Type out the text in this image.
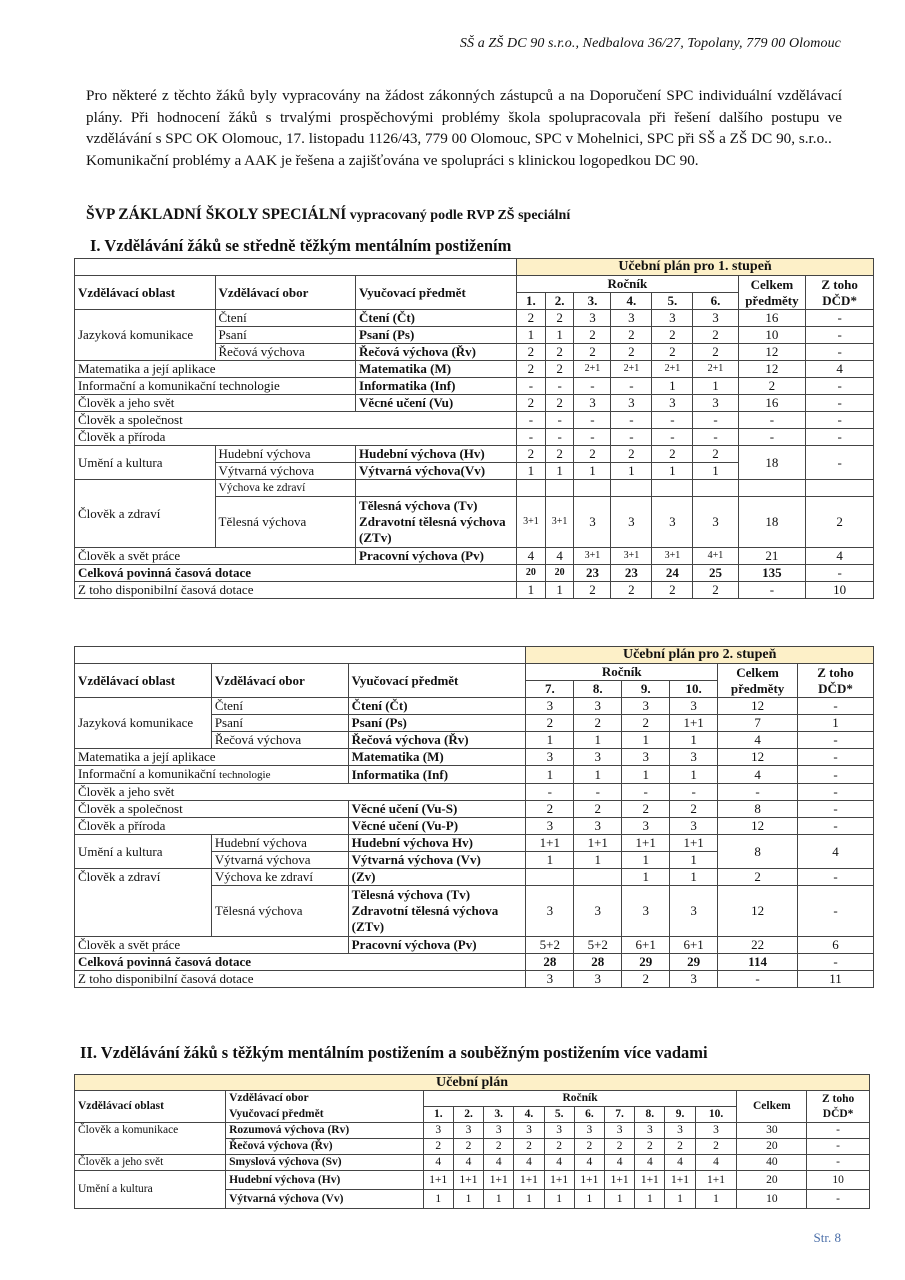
SŠ a ZŠ DC 90 s.r.o., Nedbalova 36/27, Topolany, 779 00 Olomouc

Pro některé z těchto žáků byly vypracovány na žádost zákonných zástupců a na Doporučení SPC individuální vzdělávací plány. Při hodnocení žáků s trvalými prospěchovými problémy škola spolupracovala při řešení dalšího postupu ve vzdělávání s SPC OK Olomouc, 17. listopadu 1126/43, 779 00 Olomouc, SPC v Mohelnici, SPC při SŠ a ZŠ DC 90, s.r.o..

Komunikační problémy a AAK je řešena a zajišťována ve spolupráci s klinickou logopedkou DC 90.

ŠVP ZÁKLADNÍ ŠKOLY SPECIÁLNÍ vypracovaný podle RVP ZŠ speciální
I. Vzdělávání žáků se středně těžkým mentálním postižením
			Učební plán pro 1. stupeň							
Vzdělávací oblast	Vzdělávací obor	Vyučovací předmět	Ročník						Celkem předměty	Z toho DČD*
			1.	2.	3.	4.	5.	6.		
Jazyková komunikace	Čtení	Čtení (Čt)	2	2	3	3	3	3	16	-
	Psaní	Psaní (Ps)	1	1	2	2	2	2	10	-
	Řečová výchova	Řečová výchova (Řv)	2	2	2	2	2	2	12	-
Matematika a její aplikace		Matematika (M)	2	2	2+1	2+1	2+1	2+1	12	4
Informační a komunikační technologie		Informatika (Inf)	-	-	-	-	1	1	2	-
Člověk a jeho svět		Věcné učení (Vu)	2	2	3	3	3	3	16	-
Člověk a společnost			-	-	-	-	-	-	-	-
Člověk a příroda			-	-	-	-	-	-	-	-
Umění a kultura	Hudební výchova	Hudební výchova (Hv)	2	2	2	2	2	2	18	-
	Výtvarná výchova	Výtvarná výchova(Vv)	1	1	1	1	1	1		
Člověk a zdraví	Výchova ke zdraví									
	Tělesná výchova	Tělesná výchova (Tv) Zdravotní tělesná výchova (ZTv)	3+1	3+1	3	3	3	3	18	2
Člověk a svět práce		Pracovní výchova (Pv)	4	4	3+1	3+1	3+1	4+1	21	4
Celková povinná časová dotace			20	20	23	23	24	25	135	-
Z toho disponibilní časová dotace			1	1	2	2	2	2	-	10
			Učební plán pro 2. stupeň					
Vzdělávací oblast	Vzdělávací obor	Vyučovací předmět	Ročník				Celkem předměty	Z toho DČD*
			7.	8.	9.	10.		
Jazyková komunikace	Čtení	Čtení (Čt)	3	3	3	3	12	-
	Psaní	Psaní (Ps)	2	2	2	1+1	7	1
	Řečová výchova	Řečová výchova (Řv)	1	1	1	1	4	-
Matematika a její aplikace		Matematika (M)	3	3	3	3	12	-
Informační a komunikační technologie		Informatika (Inf)	1	1	1	1	4	-
Člověk a jeho svět			-	-	-	-	-	-
Člověk a společnost		Věcné učení (Vu-S)	2	2	2	2	8	-
Člověk a příroda		Věcné učení (Vu-P)	3	3	3	3	12	-
Umění a kultura	Hudební výchova	Hudební výchova Hv)	1+1	1+1	1+1	1+1	8	4
	Výtvarná výchova	Výtvarná výchova (Vv)	1	1	1	1		
Člověk a zdraví	Výchova ke zdraví	(Zv)			1	1	2	-
	Tělesná výchova	Tělesná výchova (Tv) Zdravotní tělesná výchova (ZTv)	3	3	3	3	12	-
Člověk a svět práce		Pracovní výchova (Pv)	5+2	5+2	6+1	6+1	22	6
Celková povinná časová dotace			28	28	29	29	114	-
Z toho disponibilní časová dotace			3	3	2	3	-	11
II. Vzdělávání žáků s těžkým mentálním postižením a souběžným postižením více vadami
Učební plán													
Vzdělávací oblast	Vzdělávací obor	Ročník										Celkem	Z toho DČD*
	Vyučovací předmět	1.	2.	3.	4.	5.	6.	7.	8.	9.	10.		
Člověk a komunikace	Rozumová výchova (Rv)	3	3	3	3	3	3	3	3	3	3	30	-
	Řečová výchova (Řv)	2	2	2	2	2	2	2	2	2	2	20	-
Člověk a jeho svět	Smyslová výchova (Sv)	4	4	4	4	4	4	4	4	4	4	40	-
Umění a kultura	Hudební výchova (Hv)	1+1	1+1	1+1	1+1	1+1	1+1	1+1	1+1	1+1	1+1	20	10
	Výtvarná výchova (Vv)	1	1	1	1	1	1	1	1	1	1	10	-
Str. 8
